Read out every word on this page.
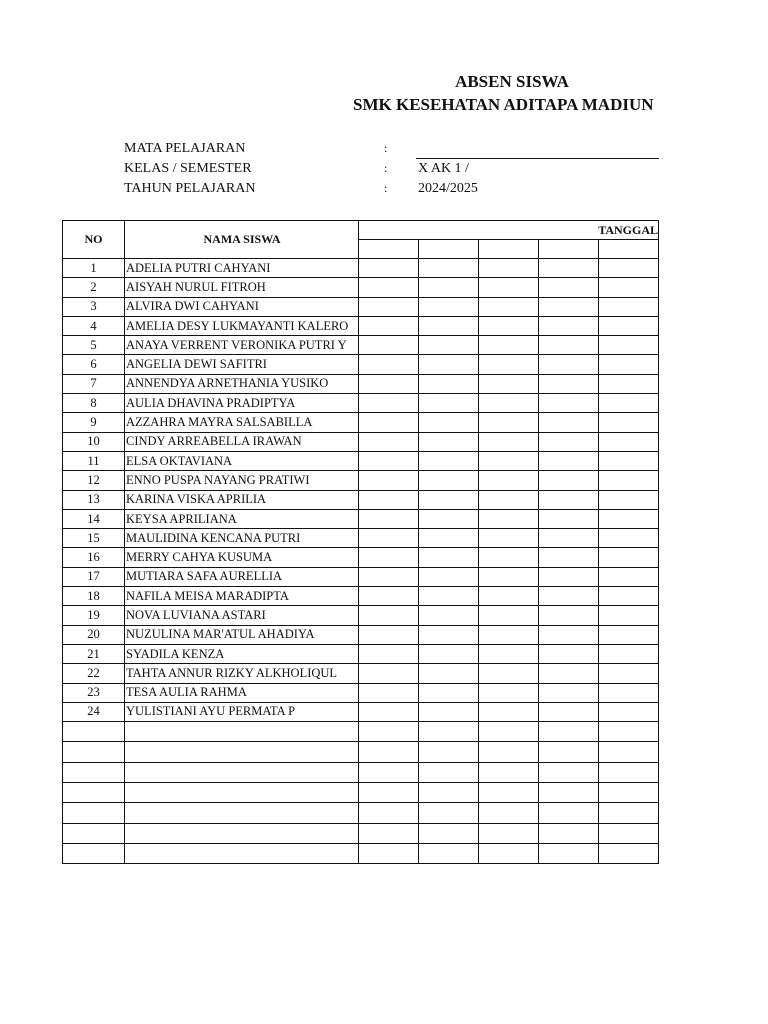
ABSEN SISWA
SMK KESEHATAN ADITAPA MADIUN
MATA PELAJARAN	:
KELAS / SEMESTER	: X AK 1 /
TAHUN PELAJARAN	: 2024/2025
NO	NAMA SISWA	TANGGAL				

1	ADELIA PUTRI CAHYANI					
2	AISYAH NURUL FITROH					
3	ALVIRA DWI CAHYANI					
4	AMELIA DESY LUKMAYANTI KALERO					
5	ANAYA VERRENT VERONIKA PUTRI Y					
6	ANGELIA DEWI SAFITRI					
7	ANNENDYA ARNETHANIA YUSIKO					
8	AULIA DHAVINA PRADIPTYA					
9	AZZAHRA MAYRA SALSABILLA					
10	CINDY ARREABELLA IRAWAN					
11	ELSA OKTAVIANA					
12	ENNO PUSPA NAYANG PRATIWI					
13	KARINA VISKA APRILIA					
14	KEYSA APRILIANA					
15	MAULIDINA KENCANA PUTRI					
16	MERRY CAHYA KUSUMA					
17	MUTIARA SAFA AURELLIA					
18	NAFILA MEISA MARADIPTA					
19	NOVA LUVIANA ASTARI					
20	NUZULINA MAR'ATUL AHADIYA					
21	SYADILA KENZA					
22	TAHTA ANNUR RIZKY ALKHOLIQUL					
23	TESA AULIA RAHMA					
24	YULISTIANI AYU PERMATA P					
